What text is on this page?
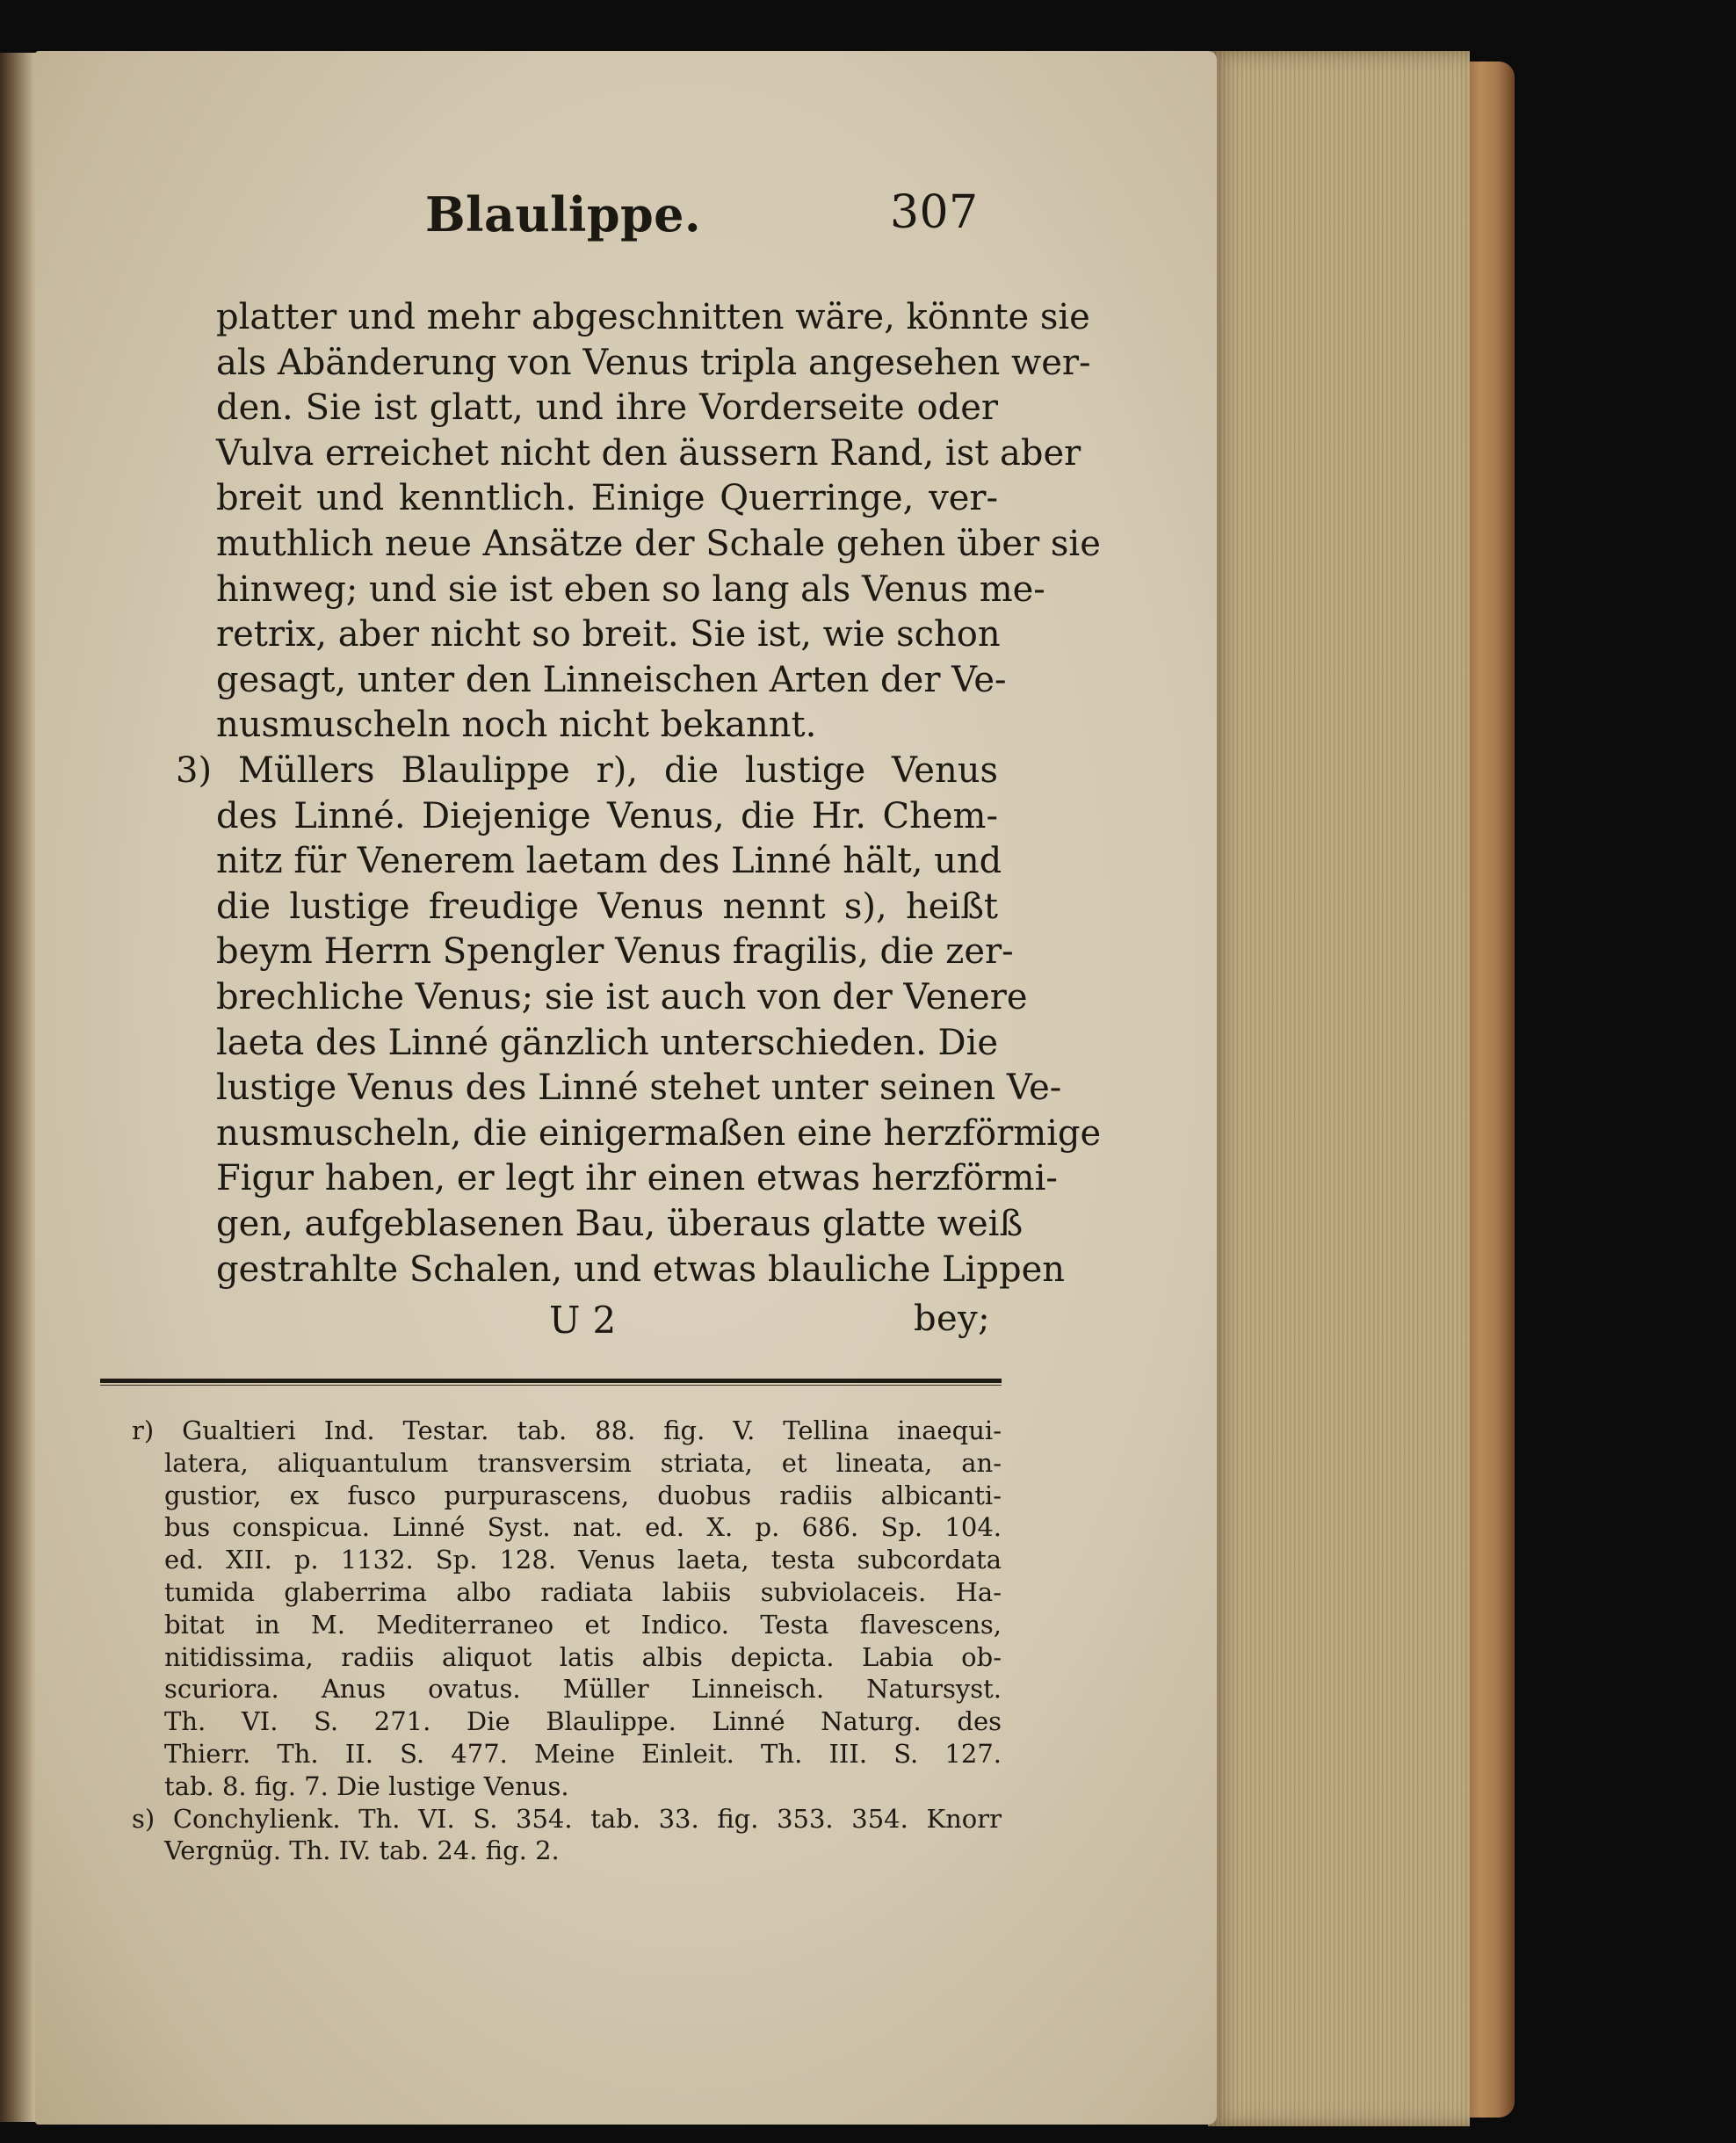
Blaulippe.	307
platter und mehr abgeschnitten wäre, könnte sie
als Abänderung von Venus tripla angesehen wer-
den. Sie ist glatt, und ihre Vorderseite oder
Vulva erreichet nicht den äussern Rand, ist aber
breit und kenntlich. Einige Querringe, ver-
muthlich neue Ansätze der Schale gehen über sie
hinweg; und sie ist eben so lang als Venus me-
retrix, aber nicht so breit. Sie ist, wie schon
gesagt, unter den Linneischen Arten der Ve-
nusmuscheln noch nicht bekannt.
3) Müllers Blaulippe r), die lustige Venus
des Linné. Diejenige Venus, die Hr. Chem-
nitz für Venerem laetam des Linné hält, und
die lustige freudige Venus nennt s), heißt
beym Herrn Spengler Venus fragilis, die zer-
brechliche Venus; sie ist auch von der Venere
laeta des Linné gänzlich unterschieden. Die
lustige Venus des Linné stehet unter seinen Ve-
nusmuscheln, die einigermaßen eine herzförmige
Figur haben, er legt ihr einen etwas herzförmi-
gen, aufgeblasenen Bau, überaus glatte weiß
gestrahlte Schalen, und etwas blauliche Lippen
U 2	bey;
r) Gualtieri Ind. Testar. tab. 88. fig. V. Tellina inaequi-
latera, aliquantulum transversim striata, et lineata, an-
gustior, ex fusco purpurascens, duobus radiis albicanti-
bus conspicua. Linné Syst. nat. ed. X. p. 686. Sp. 104.
ed. XII. p. 1132. Sp. 128. Venus laeta, testa subcordata
tumida glaberrima albo radiata labiis subviolaceis. Ha-
bitat in M. Mediterraneo et Indico. Testa flavescens,
nitidissima, radiis aliquot latis albis depicta. Labia ob-
scuriora. Anus ovatus. Müller Linneisch. Natursyst.
Th. VI. S. 271. Die Blaulippe. Linné Naturg. des
Thierr. Th. II. S. 477. Meine Einleit. Th. III. S. 127.
tab. 8. fig. 7. Die lustige Venus.
s) Conchylienk. Th. VI. S. 354. tab. 33. fig. 353. 354. Knorr
Vergnüg. Th. IV. tab. 24. fig. 2.
